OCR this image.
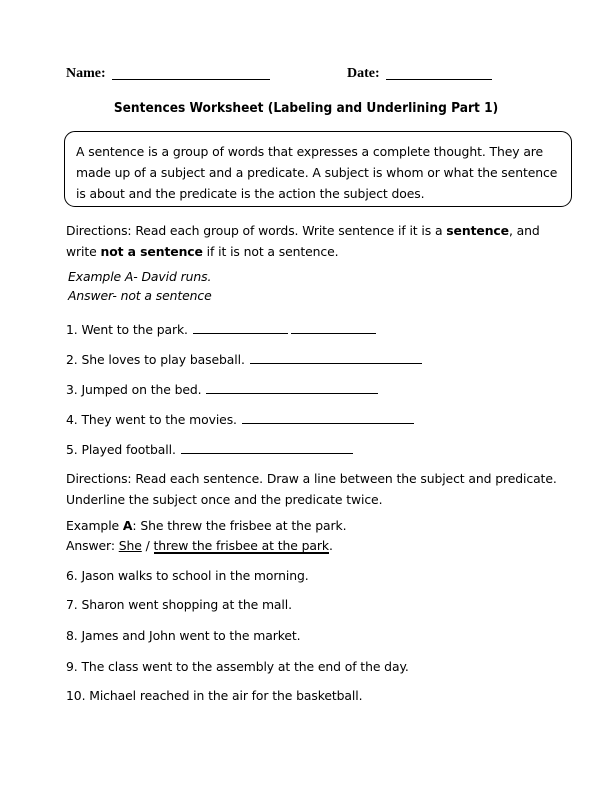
Name:	Date:
Sentences Worksheet (Labeling and Underlining Part 1)
A sentence is a group of words that expresses a complete thought. They are made up of a subject and a predicate. A subject is whom or what the sentence is about and the predicate is the action the subject does.
Directions: Read each group of words. Write sentence if it is a sentence, and write not a sentence if it is not a sentence.
Example A- David runs.
Answer- not a sentence
1.
Went to the park.
2.
She loves to play baseball.
3.
Jumped on the bed.
4.
They went to the movies.
5.
Played football.
Directions: Read each sentence. Draw a line between the subject and predicate. Underline the subject once and the predicate twice.
Example A: She threw the frisbee at the park.
Answer: She / threw the frisbee at the park.
6.
Jason walks to school in the morning.
7.
Sharon went shopping at the mall.
8.
James and John went to the market.
9.
The class went to the assembly at the end of the day.
10.
Michael reached in the air for the basketball.
